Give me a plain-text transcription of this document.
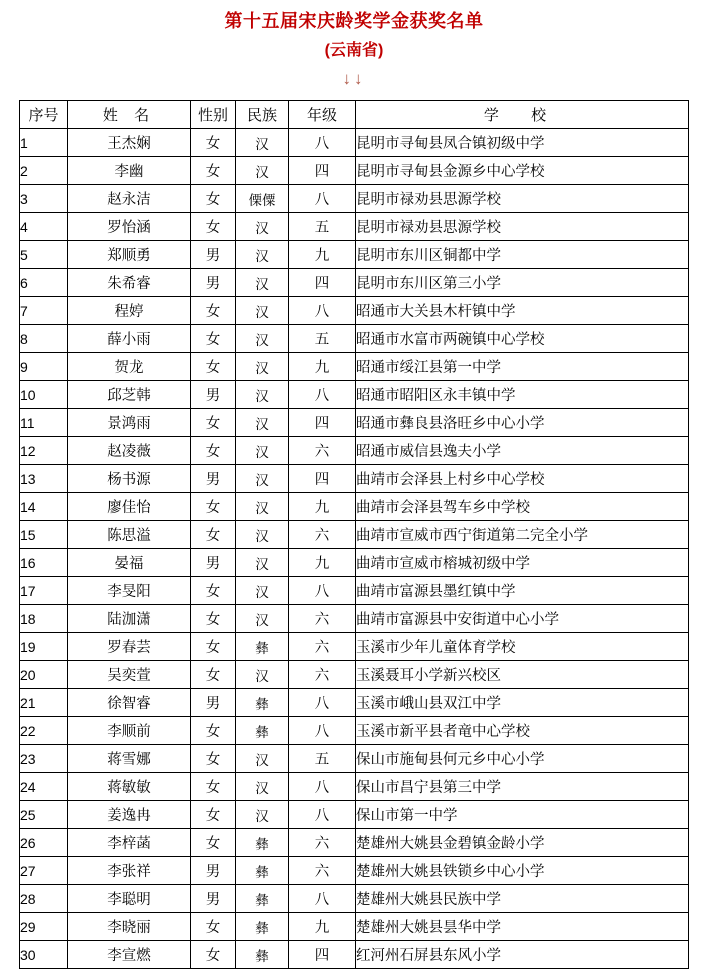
第十五届宋庆龄奖学金获奖名单
(云南省)
↓↓
序号	姓 名	性别	民族	年级	学 校
1	王杰娴	女	汉	八	昆明市寻甸县凤合镇初级中学
2	李幽	女	汉	四	昆明市寻甸县金源乡中心学校
3	赵永洁	女	傈僳	八	昆明市禄劝县思源学校
4	罗怡涵	女	汉	五	昆明市禄劝县思源学校
5	郑顺勇	男	汉	九	昆明市东川区铜都中学
6	朱希睿	男	汉	四	昆明市东川区第三小学
7	程婷	女	汉	八	昭通市大关县木杆镇中学
8	薛小雨	女	汉	五	昭通市水富市两碗镇中心学校
9	贺龙	女	汉	九	昭通市绥江县第一中学
10	邱芝韩	男	汉	八	昭通市昭阳区永丰镇中学
11	景鸿雨	女	汉	四	昭通市彝良县洛旺乡中心小学
12	赵凌薇	女	汉	六	昭通市威信县逸夫小学
13	杨书源	男	汉	四	曲靖市会泽县上村乡中心学校
14	廖佳怡	女	汉	九	曲靖市会泽县驾车乡中学校
15	陈思溢	女	汉	六	曲靖市宣威市西宁街道第二完全小学
16	晏福	男	汉	九	曲靖市宣威市榕城初级中学
17	李旻阳	女	汉	八	曲靖市富源县墨红镇中学
18	陆泇潇	女	汉	六	曲靖市富源县中安街道中心小学
19	罗春芸	女	彝	六	玉溪市少年儿童体育学校
20	吴奕萱	女	汉	六	玉溪聂耳小学新兴校区
21	徐智睿	男	彝	八	玉溪市峨山县双江中学
22	李顺前	女	彝	八	玉溪市新平县者竜中心学校
23	蒋雪娜	女	汉	五	保山市施甸县何元乡中心小学
24	蒋敏敏	女	汉	八	保山市昌宁县第三中学
25	姜逸冉	女	汉	八	保山市第一中学
26	李梓菡	女	彝	六	楚雄州大姚县金碧镇金龄小学
27	李张祥	男	彝	六	楚雄州大姚县铁锁乡中心小学
28	李聪明	男	彝	八	楚雄州大姚县民族中学
29	李晓丽	女	彝	九	楚雄州大姚县昙华中学
30	李宣燃	女	彝	四	红河州石屏县东风小学
